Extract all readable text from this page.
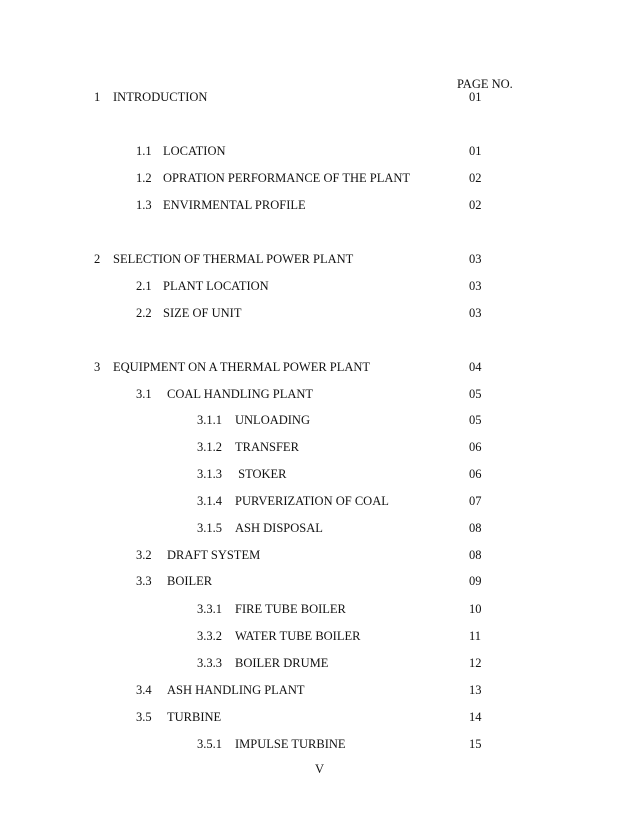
PAGE NO.
1 INTRODUCTION	01
1.1 LOCATION	01
1.2 OPRATION PERFORMANCE OF THE PLANT	02
1.3 ENVIRMENTAL PROFILE	02
2 SELECTION OF THERMAL POWER PLANT	03
2.1 PLANT LOCATION	03
2.2 SIZE OF UNIT	03
3 EQUIPMENT ON A THERMAL POWER PLANT	04
3.1 COAL HANDLING PLANT	05
3.1.1 UNLOADING	05
3.1.2 TRANSFER	06
3.1.3 STOKER	06
3.1.4 PURVERIZATION OF COAL	07
3.1.5 ASH DISPOSAL	08
3.2 DRAFT SYSTEM	08
3.3 BOILER	09
3.3.1 FIRE TUBE BOILER	10
3.3.2 WATER TUBE BOILER	11
3.3.3 BOILER DRUME	12
3.4 ASH HANDLING PLANT	13
3.5 TURBINE	14
3.5.1 IMPULSE TURBINE	15
V
